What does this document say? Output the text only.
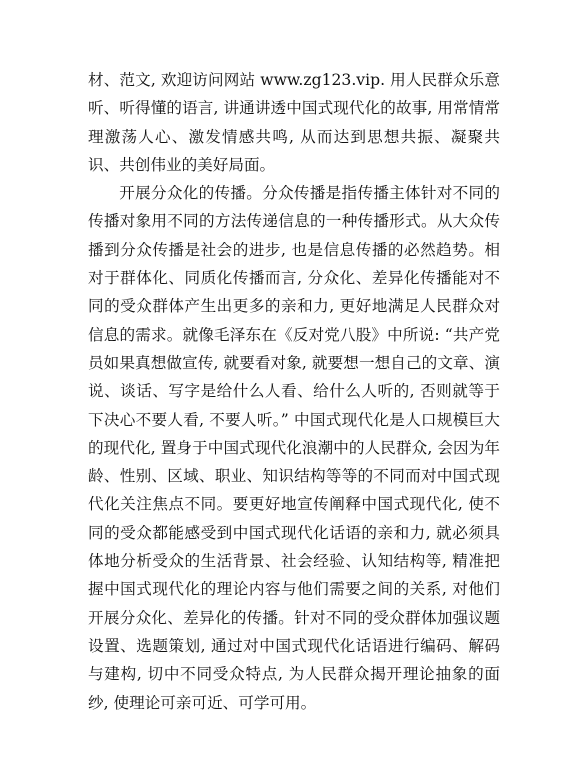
材、范文, 欢迎访问网站 www.zg123.vip. 用人民群众乐意听、听得懂的语言, 讲通讲透中国式现代化的故事, 用常情常理激荡人心、激发情感共鸣, 从而达到思想共振、凝聚共识、共创伟业的美好局面。

开展分众化的传播。分众传播是指传播主体针对不同的传播对象用不同的方法传递信息的一种传播形式。从大众传播到分众传播是社会的进步, 也是信息传播的必然趋势。相对于群体化、同质化传播而言, 分众化、差异化传播能对不同的受众群体产生出更多的亲和力, 更好地满足人民群众对信息的需求。就像毛泽东在《反对党八股》中所说: “共产党员如果真想做宣传, 就要看对象, 就要想一想自己的文章、演说、谈话、写字是给什么人看、给什么人听的, 否则就等于下决心不要人看, 不要人听。” 中国式现代化是人口规模巨大的现代化, 置身于中国式现代化浪潮中的人民群众, 会因为年龄、性别、区域、职业、知识结构等等的不同而对中国式现代化关注焦点不同。要更好地宣传阐释中国式现代化, 使不同的受众都能感受到中国式现代化话语的亲和力, 就必须具体地分析受众的生活背景、社会经验、认知结构等, 精准把握中国式现代化的理论内容与他们需要之间的关系, 对他们开展分众化、差异化的传播。针对不同的受众群体加强议题设置、选题策划, 通过对中国式现代化话语进行编码、解码与建构, 切中不同受众特点, 为人民群众揭开理论抽象的面纱, 使理论可亲可近、可学可用。
